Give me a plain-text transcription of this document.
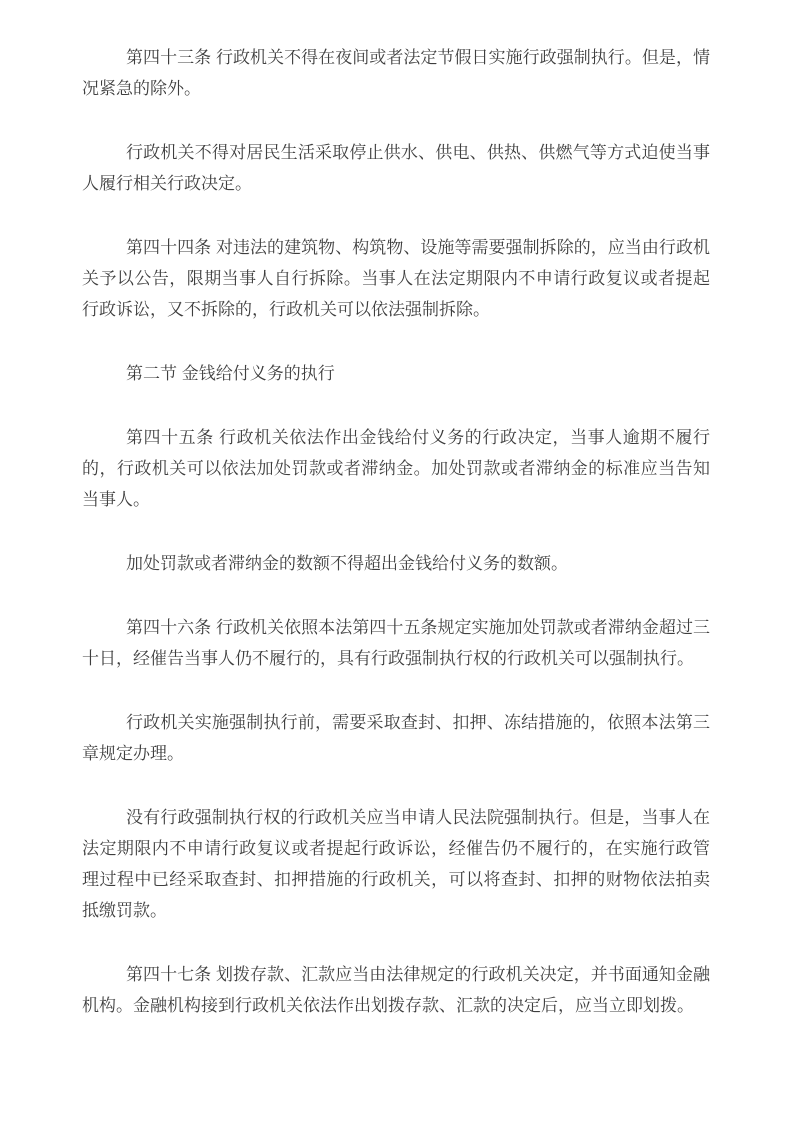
第四十三条 行政机关不得在夜间或者法定节假日实施行政强制执行。但是，情况紧急的除外。

行政机关不得对居民生活采取停止供水、供电、供热、供燃气等方式迫使当事人履行相关行政决定。

第四十四条 对违法的建筑物、构筑物、设施等需要强制拆除的，应当由行政机关予以公告，限期当事人自行拆除。当事人在法定期限内不申请行政复议或者提起行政诉讼，又不拆除的，行政机关可以依法强制拆除。

第二节 金钱给付义务的执行

第四十五条 行政机关依法作出金钱给付义务的行政决定，当事人逾期不履行的，行政机关可以依法加处罚款或者滞纳金。加处罚款或者滞纳金的标准应当告知当事人。

加处罚款或者滞纳金的数额不得超出金钱给付义务的数额。

第四十六条 行政机关依照本法第四十五条规定实施加处罚款或者滞纳金超过三十日，经催告当事人仍不履行的，具有行政强制执行权的行政机关可以强制执行。

行政机关实施强制执行前，需要采取查封、扣押、冻结措施的，依照本法第三章规定办理。

没有行政强制执行权的行政机关应当申请人民法院强制执行。但是，当事人在法定期限内不申请行政复议或者提起行政诉讼，经催告仍不履行的，在实施行政管理过程中已经采取查封、扣押措施的行政机关，可以将查封、扣押的财物依法拍卖抵缴罚款。

第四十七条 划拨存款、汇款应当由法律规定的行政机关决定，并书面通知金融机构。金融机构接到行政机关依法作出划拨存款、汇款的决定后，应当立即划拨。
